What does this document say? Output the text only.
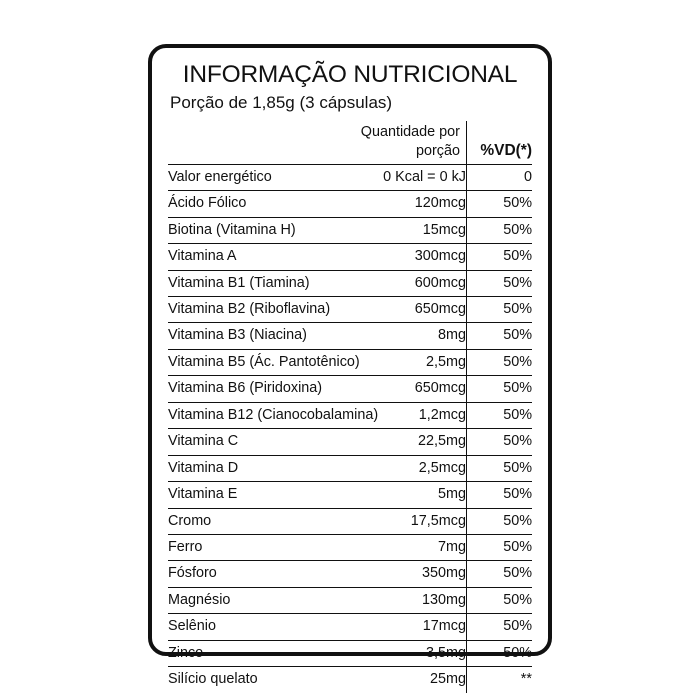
INFORMAÇÃO NUTRICIONAL
Porção de 1,85g (3 cápsulas)
	Quantidade por porção	%VD(*)
Valor energético	0 Kcal = 0 kJ	0
Ácido Fólico	120mcg	50%
Biotina (Vitamina H)	15mcg	50%
Vitamina A	300mcg	50%
Vitamina B1 (Tiamina)	600mcg	50%
Vitamina B2 (Riboflavina)	650mcg	50%
Vitamina B3 (Niacina)	8mg	50%
Vitamina B5 (Ác. Pantotênico)	2,5mg	50%
Vitamina B6 (Piridoxina)	650mcg	50%
Vitamina B12 (Cianocobalamina)	1,2mcg	50%
Vitamina C	22,5mg	50%
Vitamina D	2,5mcg	50%
Vitamina E	5mg	50%
Cromo	17,5mcg	50%
Ferro	7mg	50%
Fósforo	350mg	50%
Magnésio	130mg	50%
Selênio	17mcg	50%
Zinco	3,5mg	50%
Silício quelato	25mg	**
